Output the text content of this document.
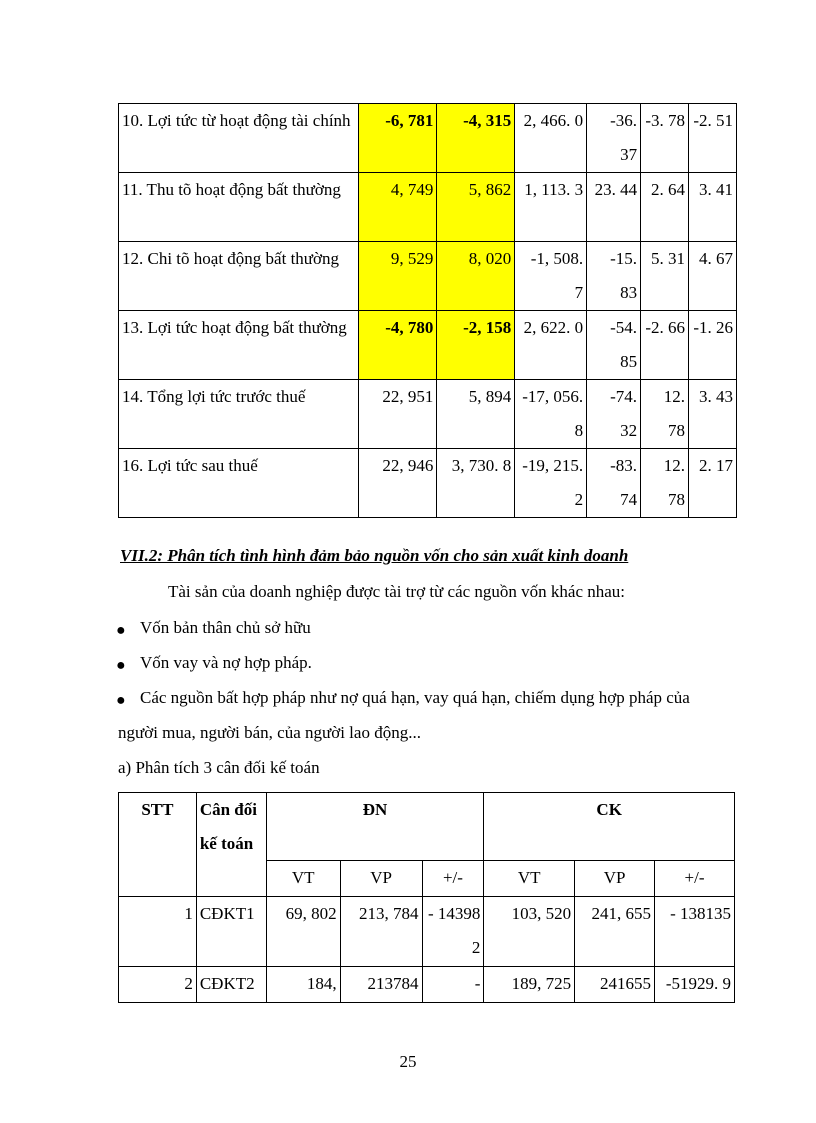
10. Lợi tức từ hoạt động tài chính	-6, 781	-4, 315	2, 466. 0	-36. 37	-3. 78	-2. 51
11. Thu tõ hoạt động bất thường	4, 749	5, 862	1, 113. 3	23. 44	2. 64	3. 41
12. Chi tõ hoạt động bất thường	9, 529	8, 020	-1, 508. 7	-15. 83	5. 31	4. 67
13. Lợi tức hoạt động bất thường	-4, 780	-2, 158	2, 622. 0	-54. 85	-2. 66	-1. 26
14. Tổng lợi tức trước thuế	22, 951	5, 894	-17, 056. 8	-74. 32	12. 78	3. 43
16. Lợi tức sau thuế	22, 946	3, 730. 8	-19, 215. 2	-83. 74	12. 78	2. 17
VII.2: Phân tích tình hình đảm bảo nguồn vốn cho sản xuất kinh doanh
Tài sản của doanh nghiệp được tài trợ từ các nguồn vốn khác nhau:
● Vốn bản thân chủ sở hữu
● Vốn vay và nợ hợp pháp.
● Các nguồn bất hợp pháp như nợ quá hạn, vay quá hạn, chiếm dụng hợp pháp của
người mua, người bán, của người lao động...
a) Phân tích 3 cân đối kế toán
STT	Cân đối kế toán	ĐN			CK		
		VT	VP	+/-	VT	VP	+/-
1	CĐKT1	69, 802	213, 784	- 143982	103, 520	241, 655	- 138135
2	CĐKT2	184,	213784	-	189, 725	241655	-51929. 9
25
